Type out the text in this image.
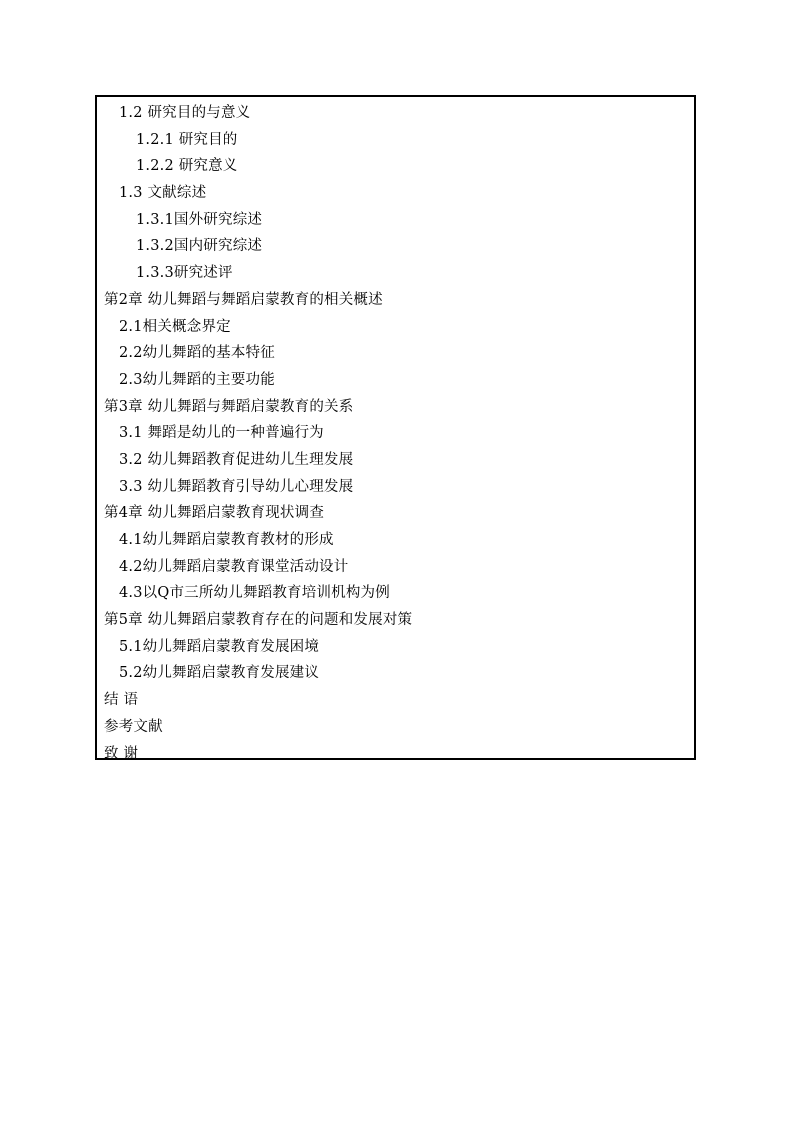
1.2 研究目的与意义
1.2.1 研究目的
1.2.2 研究意义
1.3 文献综述
1.3.1国外研究综述
1.3.2国内研究综述
1.3.3研究述评
第2章 幼儿舞蹈与舞蹈启蒙教育的相关概述
2.1相关概念界定
2.2幼儿舞蹈的基本特征
2.3幼儿舞蹈的主要功能
第3章 幼儿舞蹈与舞蹈启蒙教育的关系
3.1 舞蹈是幼儿的一种普遍行为
3.2 幼儿舞蹈教育促进幼儿生理发展
3.3 幼儿舞蹈教育引导幼儿心理发展
第4章 幼儿舞蹈启蒙教育现状调查
4.1幼儿舞蹈启蒙教育教材的形成
4.2幼儿舞蹈启蒙教育课堂活动设计
4.3以Q市三所幼儿舞蹈教育培训机构为例
第5章 幼儿舞蹈启蒙教育存在的问题和发展对策
5.1幼儿舞蹈启蒙教育发展困境
5.2幼儿舞蹈启蒙教育发展建议
结 语
参考文献
致 谢
